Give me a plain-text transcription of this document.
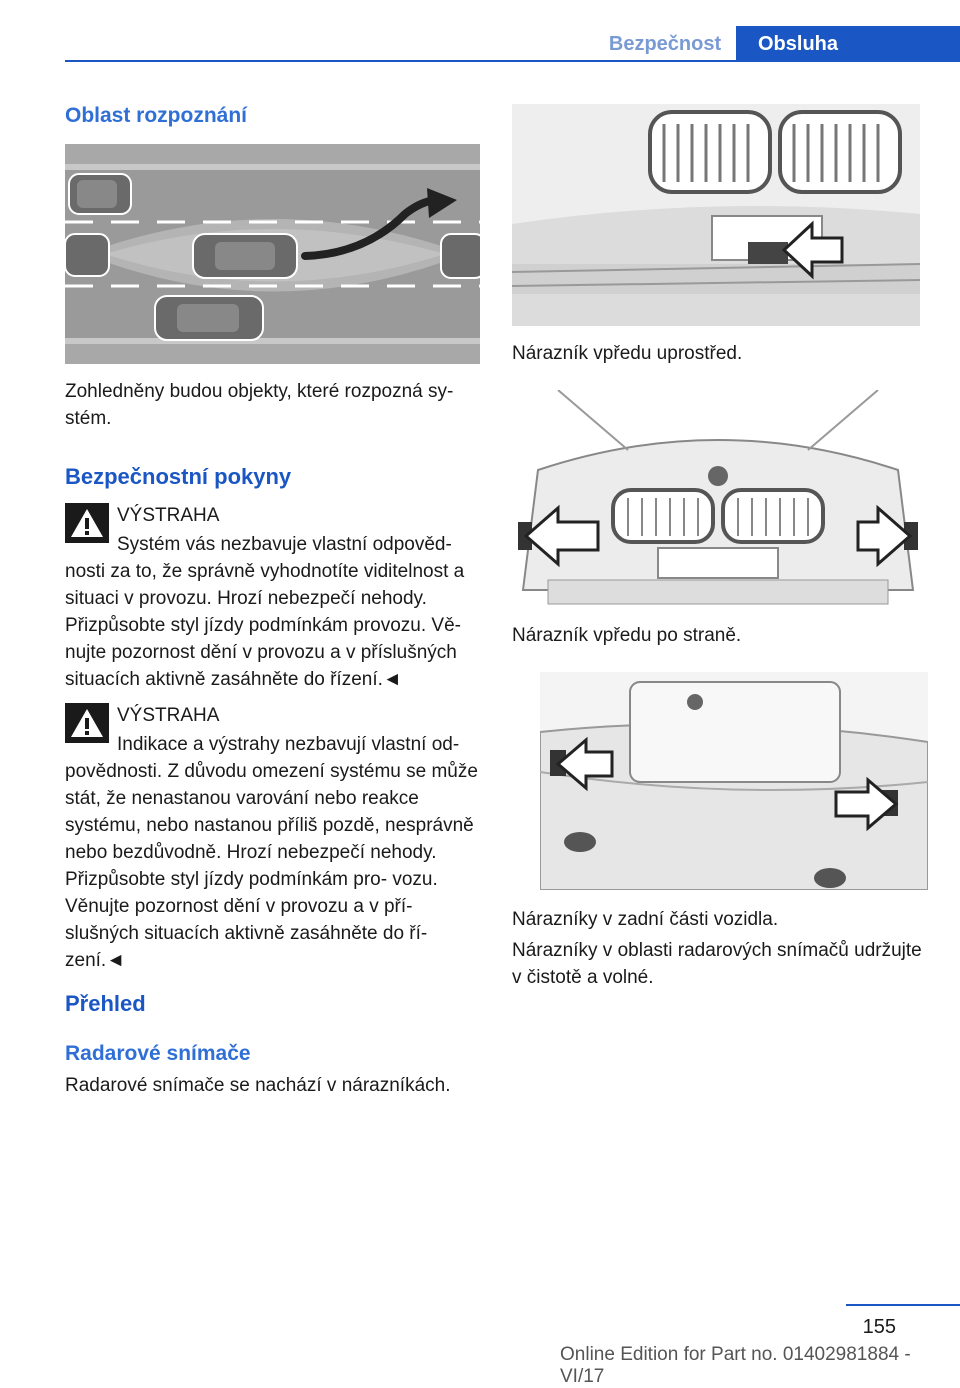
Bezpečnost	Obsluha
Oblast rozpoznání

Zohledněny budou objekty, které rozpozná sy‐ stém.

Bezpečnostní pokyny
VÝSTRAHA
Systém vás nezbavuje vlastní odpověd‐

nosti za to, že správně vyhodnotíte viditelnost a situaci v provozu. Hrozí nebezpečí nehody. Přizpůsobte styl jízdy podmínkám provozu. Vě‐ nujte pozornost dění v provozu a v příslušných situacích aktivně zasáhněte do řízení.◄

VÝSTRAHA
Indikace a výstrahy nezbavují vlastní od‐

povědnosti. Z důvodu omezení systému se může stát, že nenastanou varování nebo reakce systému, nebo nastanou příliš pozdě, nesprávně nebo bezdůvodně. Hrozí nebezpečí nehody. Přizpůsobte styl jízdy podmínkám pro‐ vozu. Věnujte pozornost dění v provozu a v pří‐ slušných situacích aktivně zasáhněte do ří‐ zení.◄

Přehled
Radarové snímače

Radarové snímače se nachází v nárazníkách.

Nárazník vpředu uprostřed.

Nárazník vpředu po straně.

Nárazníky v zadní části vozidla.

Nárazníky v oblasti radarových snímačů udržujte v čistotě a volné.

155
Online Edition for Part no. 01402981884 - VI/17
